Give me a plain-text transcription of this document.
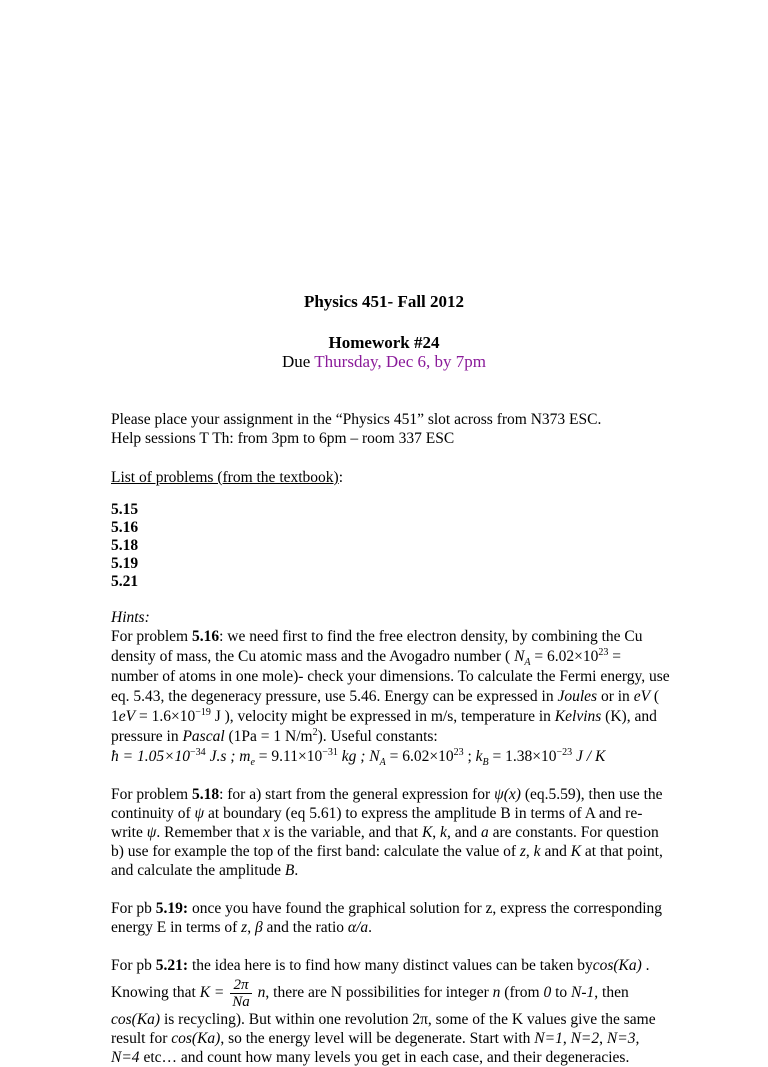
Physics 451- Fall 2012
Homework #24
Due Thursday, Dec 6, by 7pm
Please place your assignment in the “Physics 451” slot across from N373 ESC.
Help sessions T Th: from 3pm to 6pm – room 337 ESC
List of problems (from the textbook):
5.15
5.16
5.18
5.19
5.21
Hints:
For problem 5.16: we need first to find the free electron density, by combining the Cu density of mass, the Cu atomic mass and the Avogadro number ( $N_A = 6.02\times 10^{23}$ = number of atoms in one mole)- check your dimensions. To calculate the Fermi energy, use eq. 5.43, the degeneracy pressure, use 5.46. Energy can be expressed in Joules or in eV ( $1eV = 1.6\times 10^{-19}$ J ), velocity might be expressed in m/s, temperature in Kelvins (K), and pressure in Pascal (1Pa = 1 $N/m^2$). Useful constants:
ħ = $1.05\times 10^{-34}$ J.s ; $m_e = 9.11\times 10^{-31}$ kg ; $N_A = 6.02\times 10^{23}$ ; $k_B = 1.38\times 10^{-23}$ J / K
For problem 5.18: for a) start from the general expression for ψ(x) (eq.5.59), then use the continuity of ψ at boundary (eq 5.61) to express the amplitude B in terms of A and re-write ψ. Remember that x is the variable, and that K, k, and a are constants. For question b) use for example the top of the first band: calculate the value of z, k and K at that point, and calculate the amplitude B.
For pb 5.19: once you have found the graphical solution for z, express the corresponding energy E in terms of z, β and the ratio α/a.
For pb 5.21: the idea here is to find how many distinct values can be taken bycos(Ka) .
Knowing that $K = \frac{2\pi}{Na} n$, there are N possibilities for integer n (from 0 to N-1, then
cos(Ka) is recycling). But within one revolution 2π, some of the K values give the same result for cos(Ka), so the energy level will be degenerate. Start with N=1, N=2, N=3, N=4 etc… and count how many levels you get in each case, and their degeneracies.
